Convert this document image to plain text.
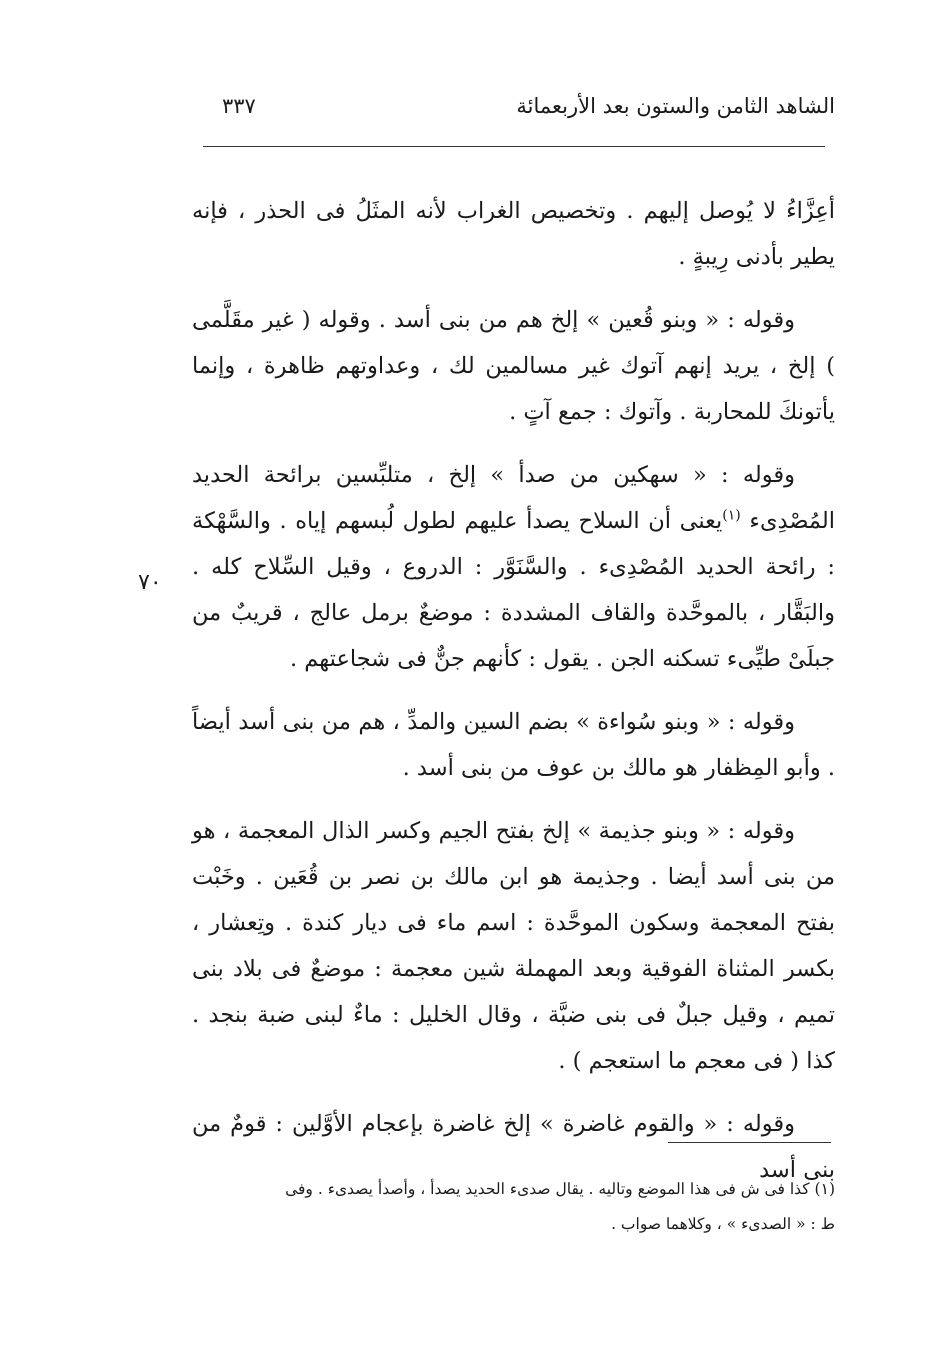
الشاهد الثامن والستون بعد الأربعمائة
٣٣٧

أعِزَّاءُ لا يُوصل إليهم . وتخصيص الغراب لأنه المثَلُ فى الحذر ، فإنه يطير بأدنى رِيبةٍ .

وقوله : « وبنو قُعين » إلخ هم من بنى أسد . وقوله ( غير مقَلَّمى ) إلخ ، يريد إنهم آتوك غير مسالمين لك ، وعداوتهم ظاهرة ، وإنما يأتونكَ للمحاربة . وآتوك : جمع آتٍ .

وقوله : « سهكين من صدأ » إلخ ، متلبِّسين برائحة الحديد المُصْدِىء $^{(١)}$يعنى أن السلاح يصدأ عليهم لطول لُبسهم إياه . والسَّهْكة : رائحة الحديد المُصْدِىء . والسَّنَوَّر : الدروع ، وقيل السِّلاح كله . والبَقَّار ، بالموحَّدة والقاف المشددة : موضعٌ برمل عالج ، قريبٌ من جبلَىْ طيِّىء تسكنه الجن . يقول : كأنهم جنٌّ فى شجاعتهم .

وقوله : « وبنو سُواءة » بضم السين والمدِّ ، هم من بنى أسد أيضاً . وأبو المِظفار هو مالك بن عوف من بنى أسد .

وقوله : « وبنو جذيمة » إلخ بفتح الجيم وكسر الذال المعجمة ، هو من بنى أسد أيضا . وجذيمة هو ابن مالك بن نصر بن قُعَين . وخَبْت بفتح المعجمة وسكون الموحَّدة : اسم ماء فى ديار كندة . وتِعشار ، بكسر المثناة الفوقية وبعد المهملة شين معجمة : موضعٌ فى بلاد بنى تميم ، وقيل جبلٌ فى بنى ضبَّة ، وقال الخليل : ماءٌ لبنى ضبة بنجد . كذا ( فى معجم ما استعجم ) .

وقوله : « والقوم غاضرة » إلخ غاضرة بإعجام الأوَّلين : قومٌ من بنى أسد

٧٠

(١) كذا فى ش فى هذا الموضع وتاليه . يقال صدىء الحديد يصدأ ، وأصدأ يصدىء . وفى

ط : « الصدىء » ، وكلاهما صواب .
